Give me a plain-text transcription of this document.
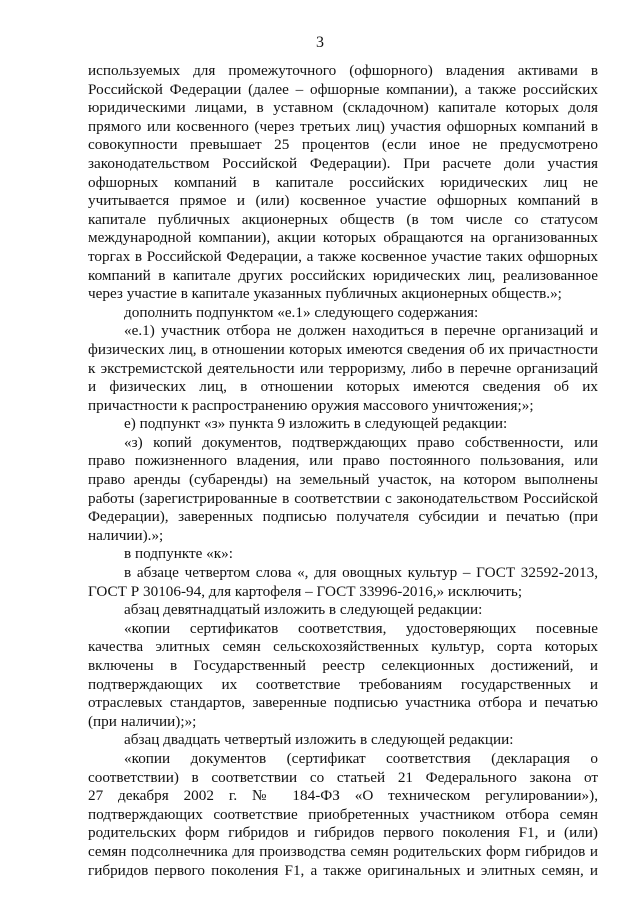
3
используемых для промежуточного (офшорного) владения активами в
Российской Федерации (далее – офшорные компании), а также российских
юридическими лицами, в уставном (складочном) капитале которых доля
прямого или косвенного (через третьих лиц) участия офшорных компаний в
совокупности превышает 25 процентов (если иное не предусмотрено
законодательством Российской Федерации). При расчете доли участия
офшорных компаний в капитале российских юридических лиц не
учитывается прямое и (или) косвенное участие офшорных компаний в
капитале публичных акционерных обществ (в том числе со статусом
международной компании), акции которых обращаются на организованных
торгах в Российской Федерации, а также косвенное участие таких офшорных
компаний в капитале других российских юридических лиц, реализованное
через участие в капитале указанных публичных акционерных обществ.»;
дополнить подпунктом «е.1» следующего содержания:
«е.1) участник отбора не должен находиться в перечне организаций и
физических лиц, в отношении которых имеются сведения об их причастности
к экстремистской деятельности или терроризму, либо в перечне организаций
и физических лиц, в отношении которых имеются сведения об их
причастности к распространению оружия массового уничтожения;»;
е) подпункт «з» пункта 9 изложить в следующей редакции:
«з) копий документов, подтверждающих право собственности, или
право пожизненного владения, или право постоянного пользования, или
право аренды (субаренды) на земельный участок, на котором выполнены
работы (зарегистрированные в соответствии с законодательством Российской
Федерации), заверенных подписью получателя субсидии и печатью (при
наличии).»;
в подпункте «к»:
в абзаце четвертом слова «, для овощных культур – ГОСТ 32592-2013,
ГОСТ Р 30106-94, для картофеля – ГОСТ 33996-2016,» исключить;
абзац девятнадцатый изложить в следующей редакции:
«копии сертификатов соответствия, удостоверяющих посевные
качества элитных семян сельскохозяйственных культур, сорта которых
включены в Государственный реестр селекционных достижений, и
подтверждающих их соответствие требованиям государственных и
отраслевых стандартов, заверенные подписью участника отбора и печатью
(при наличии);»;
абзац двадцать четвертый изложить в следующей редакции:
«копии документов (сертификат соответствия (декларация о
соответствии) в соответствии со статьей 21 Федерального закона от
27 декабря 2002 г. № 184-ФЗ «О техническом регулировании»),
подтверждающих соответствие приобретенных участником отбора семян
родительских форм гибридов и гибридов первого поколения F1, и (или)
семян подсолнечника для производства семян родительских форм гибридов и
гибридов первого поколения F1, а также оригинальных и элитных семян, и
